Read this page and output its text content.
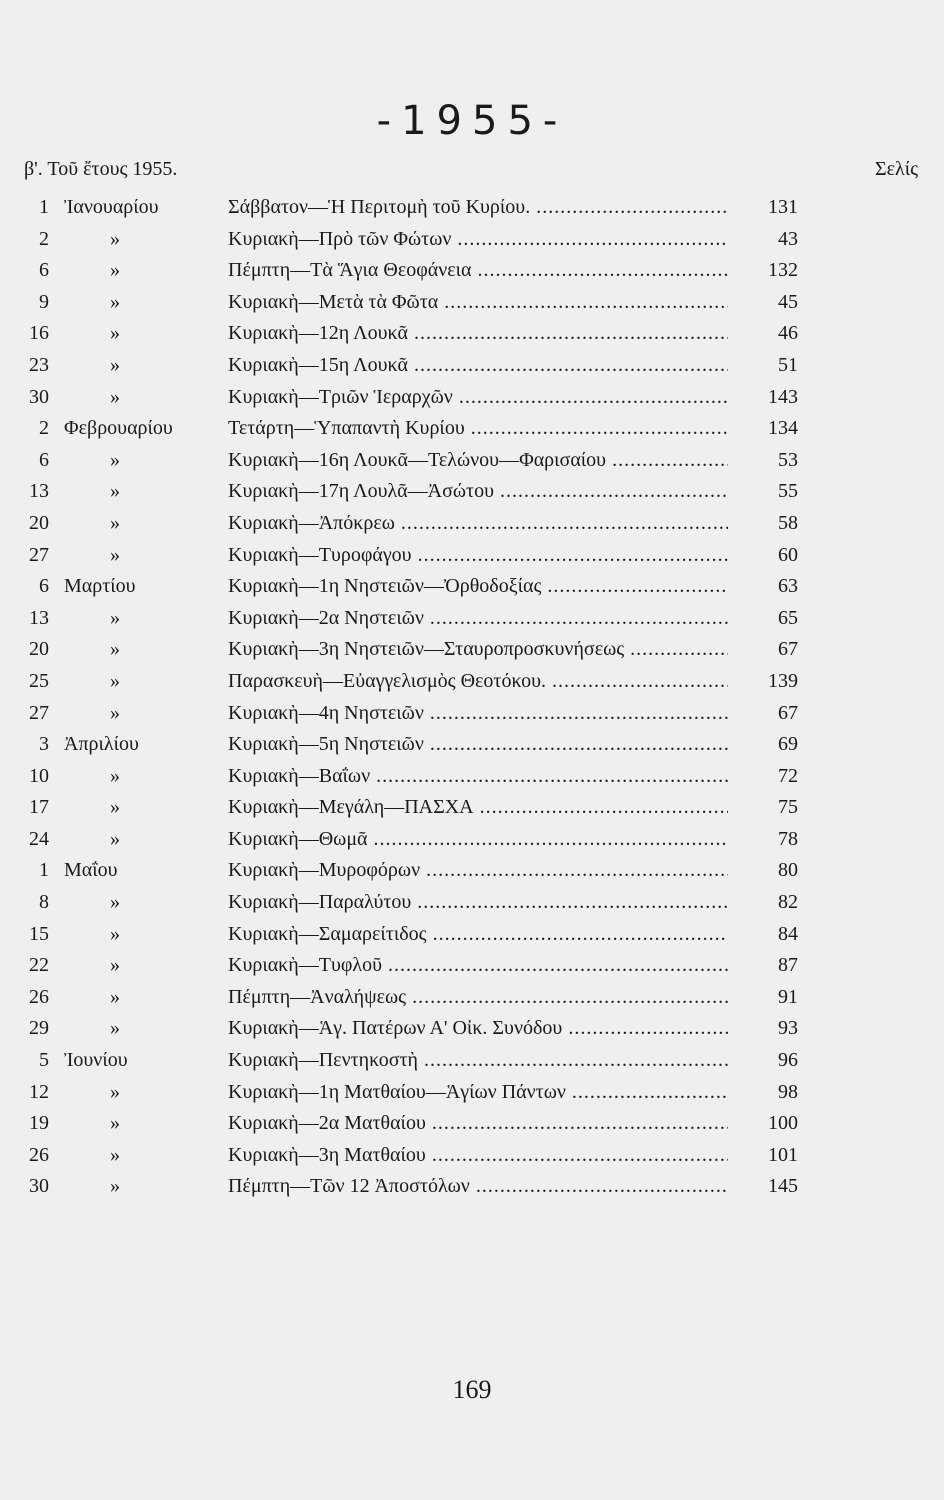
-1955-
β'. Τοῦ ἔτους 1955.	Σελίς
1 Ἰανουαρίου	Σάββατον—Ἡ Περιτομὴ τοῦ Κυρίου. .....	131
2	»	Κυριακὴ—Πρὸ τῶν Φώτων .....	43
6	»	Πέμπτη—Τὰ Ἅγια Θεοφάνεια .....	132
9	»	Κυριακὴ—Μετὰ τὰ Φῶτα .....	45
16	»	Κυριακὴ—12η Λουκᾶ .....	46
23	»	Κυριακὴ—15η Λουκᾶ .....	51
30	»	Κυριακὴ—Τριῶν Ἱεραρχῶν .....	143
2 Φεβρουαρίου	Τετάρτη—Ὑπαπαντὴ Κυρίου .....	134
6	»	Κυριακὴ—16η Λουκᾶ—Τελώνου—Φαρισαίου .....	53
13	»	Κυριακὴ—17η Λουλᾶ—Ἀσώτου .....	55
20	»	Κυριακὴ—Ἀπόκρεω .....	58
27	»	Κυριακὴ—Τυροφάγου .....	60
6 Μαρτίου	Κυριακὴ—1η Νηστειῶν—Ὀρθοδοξίας .....	63
13	»	Κυριακὴ—2α Νηστειῶν .....	65
20	»	Κυριακὴ—3η Νηστειῶν—Σταυροπροσκυνήσεως .....	67
25	»	Παρασκευὴ—Εὐαγγελισμὸς Θεοτόκου. .....	139
27	»	Κυριακὴ—4η Νηστειῶν .....	67
3 Ἀπριλίου	Κυριακὴ—5η Νηστειῶν .....	69
10	»	Κυριακὴ—Βαΐων .....	72
17	»	Κυριακὴ—Μεγάλη—ΠΑΣΧΑ .....	75
24	»	Κυριακὴ—Θωμᾶ .....	78
1 Μαΐου	Κυριακὴ—Μυροφόρων .....	80
8	»	Κυριακὴ—Παραλύτου .....	82
15	»	Κυριακὴ—Σαμαρείτιδος .....	84
22	»	Κυριακὴ—Τυφλοῦ .....	87
26	»	Πέμπτη—Ἀναλήψεως .....	91
29	»	Κυριακὴ—Ἁγ. Πατέρων Α' Οἰκ. Συνόδου .....	93
5 Ἰουνίου	Κυριακὴ—Πεντηκοστὴ .....	96
12	»	Κυριακὴ—1η Ματθαίου—Ἁγίων Πάντων .....	98
19	»	Κυριακὴ—2α Ματθαίου .....	100
26	»	Κυριακὴ—3η Ματθαίου .....	101
30	»	Πέμπτη—Τῶν 12 Ἀποστόλων .....	145
169
